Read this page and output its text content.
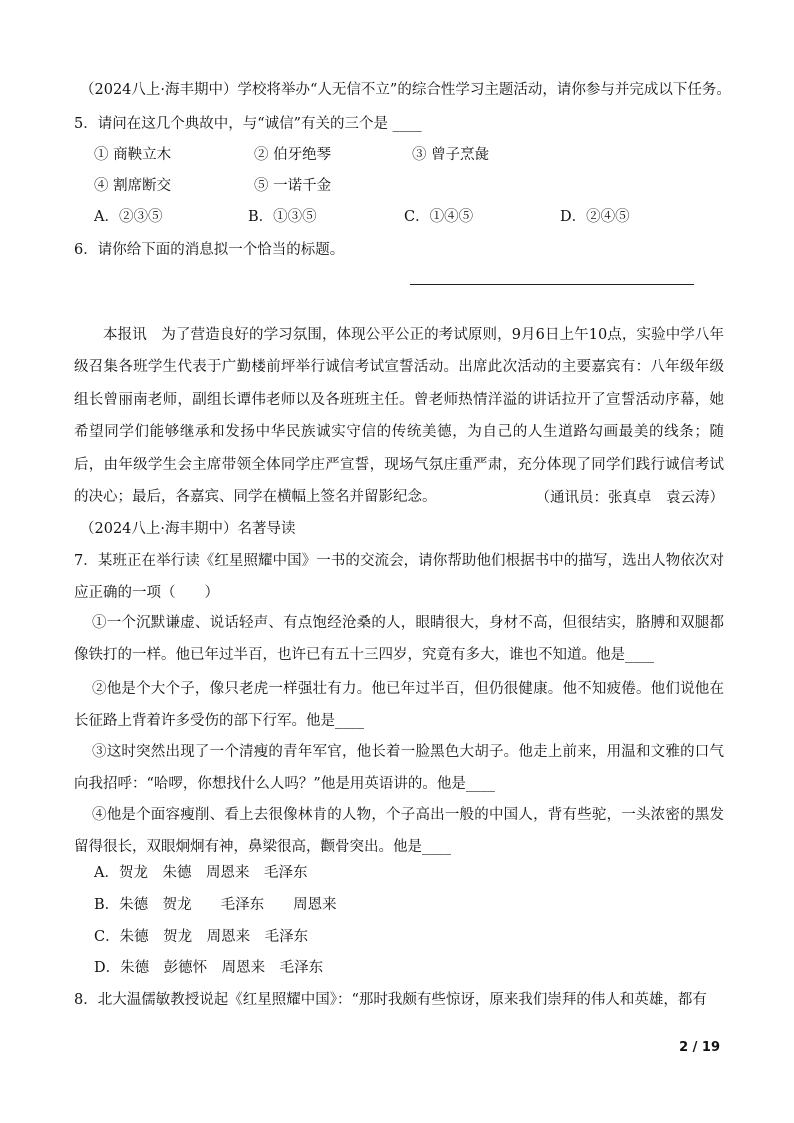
（2024八上·海丰期中）学校将举办“人无信不立”的综合性学习主题活动，请你参与并完成以下任务。
5．请问在这几个典故中，与“诚信”有关的三个是 ____
① 商鞅立木	② 伯牙绝琴	③ 曾子烹彘
④ 割席断交	⑤ 一诺千金
A．②③⑤	B．①③⑤	C．①④⑤	D．②④⑤
6．请你给下面的消息拟一个恰当的标题。
本报讯　为了营造良好的学习氛围，体现公平公正的考试原则，9月6日上午10点，实验中学八年级召集各班学生代表于广勤楼前坪举行诚信考试宣誓活动。出席此次活动的主要嘉宾有：八年级年级组长曾丽南老师，副组长谭伟老师以及各班班主任。曾老师热情洋溢的讲话拉开了宣誓活动序幕，她希望同学们能够继承和发扬中华民族诚实守信的传统美德，为自己的人生道路勾画最美的线条；随后，由年级学生会主席带领全体同学庄严宣誓，现场气氛庄重严肃，充分体现了同学们践行诚信考试的决心；最后，各嘉宾、同学在横幅上签名并留影纪念。	（通讯员：张真卓　袁云涛）
（2024八上·海丰期中）名著导读
7．某班正在举行读《红星照耀中国》一书的交流会，请你帮助他们根据书中的描写，选出人物依次对应正确的一项（　　）
①一个沉默谦虚、说话轻声、有点饱经沧桑的人，眼睛很大，身材不高，但很结实，胳膊和双腿都像铁打的一样。他已年过半百，也许已有五十三四岁，究竟有多大，谁也不知道。他是____
②他是个大个子，像只老虎一样强壮有力。他已年过半百，但仍很健康。他不知疲倦。他们说他在长征路上背着许多受伤的部下行军。他是____
③这时突然出现了一个清瘦的青年军官，他长着一脸黑色大胡子。他走上前来，用温和文雅的口气向我招呼：“哈啰，你想找什么人吗？”他是用英语讲的。他是____
④他是个面容瘦削、看上去很像林肯的人物，个子高出一般的中国人，背有些驼，一头浓密的黑发留得很长，双眼炯炯有神，鼻梁很高，颧骨突出。他是____
A．贺龙　朱德　周恩来　毛泽东
B．朱德　贺龙　　毛泽东　　周恩来
C．朱德　贺龙　周恩来　毛泽东
D．朱德　彭德怀　周恩来　毛泽东
8．北大温儒敏教授说起《红星照耀中国》：“那时我颇有些惊讶，原来我们崇拜的伟人和英雄，都有
2 / 19
